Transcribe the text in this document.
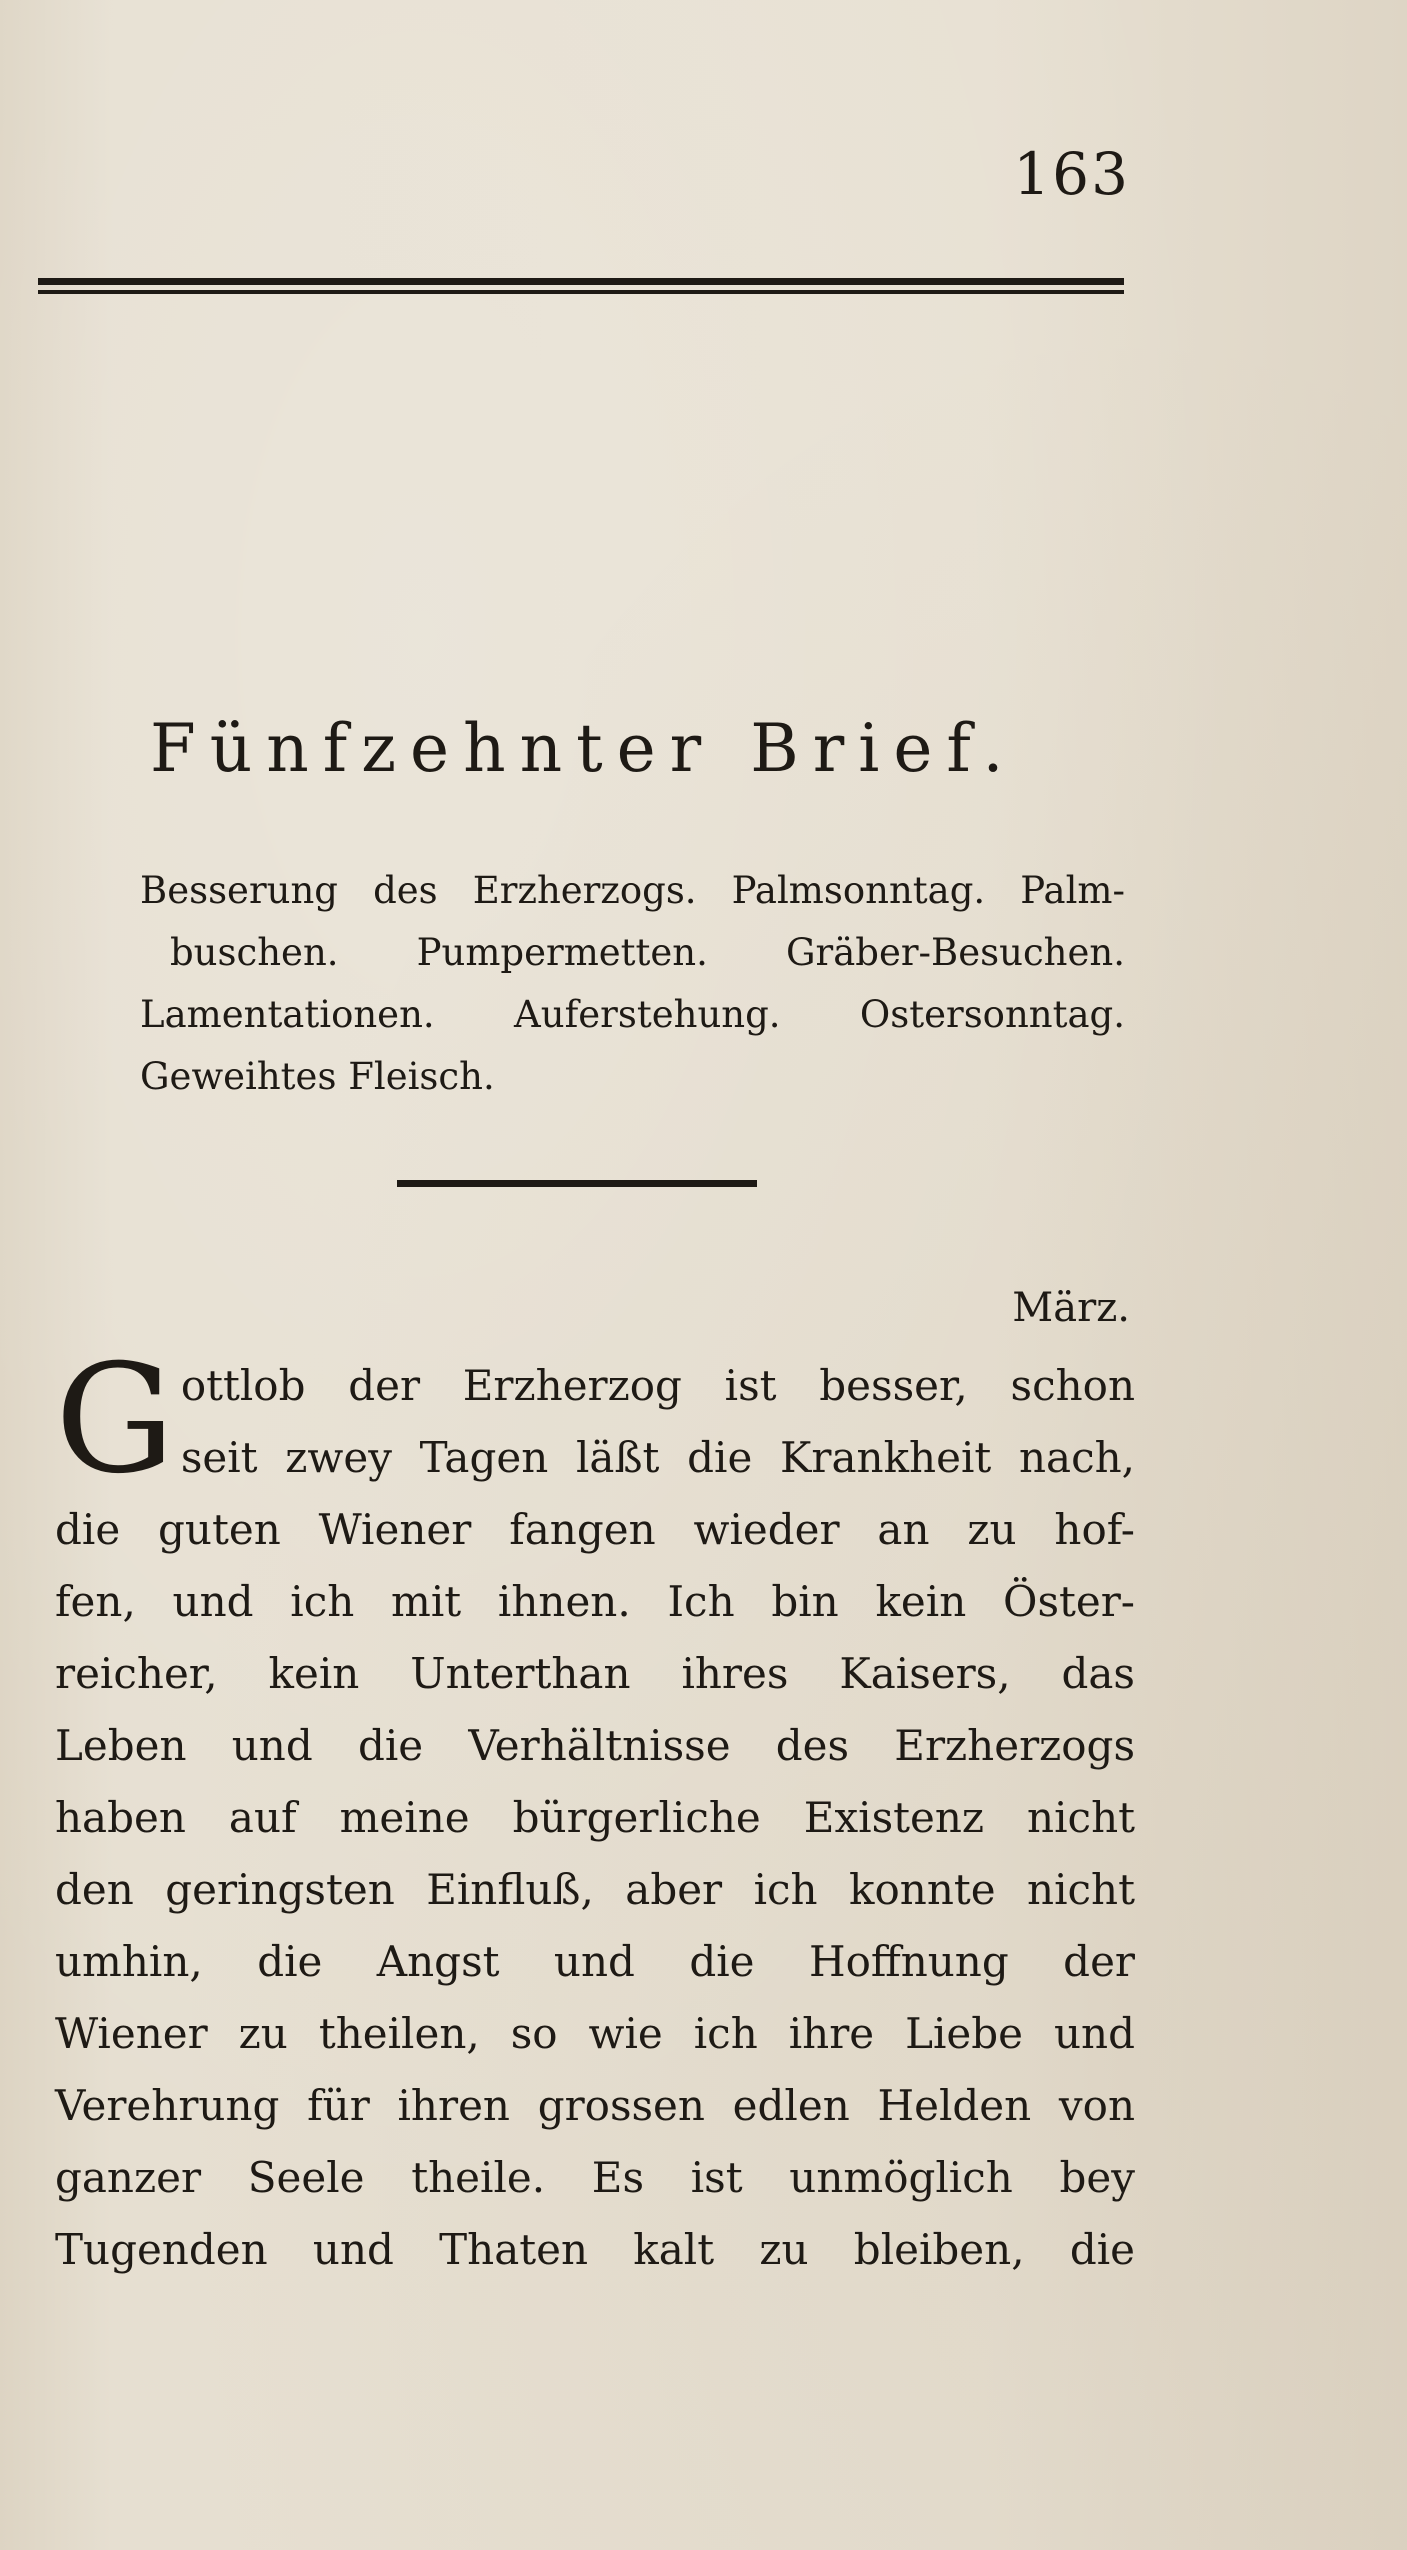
163
Fünfzehnter Brief.
Besserung des Erzherzogs. Palmsonntag. Palm-
buschen. Pumpermetten. Gräber-Besuchen.
Lamentationen. Auferstehung. Ostersonntag.
Geweihtes Fleisch.
März.
G ottlob der Erzherzog ist besser, schon
seit zwey Tagen läßt die Krankheit nach,
die guten Wiener fangen wieder an zu hof-
fen, und ich mit ihnen. Ich bin kein Öster-
reicher, kein Unterthan ihres Kaisers, das
Leben und die Verhältnisse des Erzherzogs
haben auf meine bürgerliche Existenz nicht
den geringsten Einfluß, aber ich konnte nicht
umhin, die Angst und die Hoffnung der
Wiener zu theilen, so wie ich ihre Liebe und
Verehrung für ihren grossen edlen Helden von
ganzer Seele theile. Es ist unmöglich bey
Tugenden und Thaten kalt zu bleiben, die
